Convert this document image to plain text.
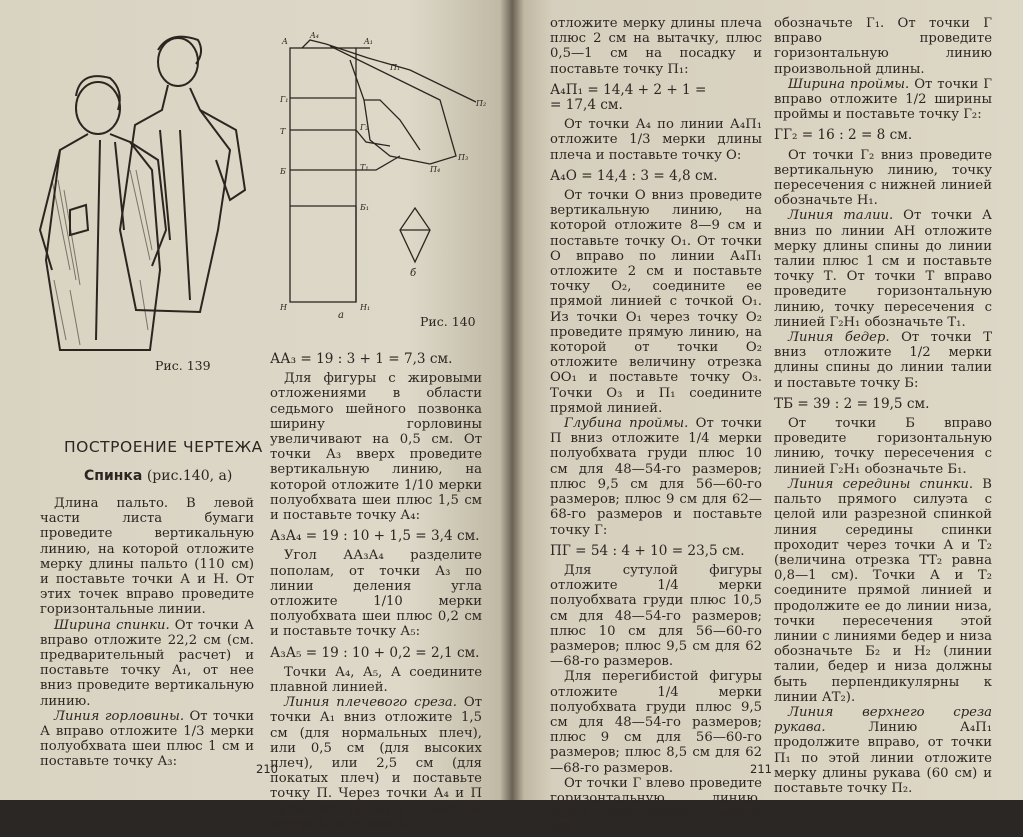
Рис. 139
A
A₄
A₁
Г₁
T
Б
Н
Г₂
Т₁
Б₁
Н₁
П₂
П₃
П₄
П₁
а
б
Рис. 140
ПОСТРОЕНИЕ ЧЕРТЕЖА
Спинка (рис.140, а)

Длина пальто. В левой части листа бумаги проведите вертикальную линию, на которой отложите мерку длины пальто (110 см) и поставьте точки А и Н. От этих точек вправо проведите горизонтальные линии.

Ширина спинки. От точки А вправо отложите 22,2 см (см. предварительный расчет) и поставьте точку А₁, от нее вниз проведите вертикальную линию.

Линия горловины. От точки А вправо отложите 1/3 мерки полуобхвата шеи плюс 1 см и поставьте точку А₃:

АА₃ = 19 : 3 + 1 = 7,3 см.

Для фигуры с жировыми отложениями в области седьмого шейного позвонка ширину горловины увеличивают на 0,5 см. От точки А₃ вверх проведите вертикальную линию, на которой отложите 1/10 мерки полуобхвата шеи плюс 1,5 см и поставьте точку А₄:

А₃А₄ = 19 : 10 + 1,5 = 3,4 см.

Угол АА₃А₄ разделите пополам, от точки А₃ по линии деления угла отложите 1/10 мерки полуобхвата шеи плюс 0,2 см и поставьте точку А₅:

А₃А₅ = 19 : 10 + 0,2 = 2,1 см.

Точки А₄, А₅, А соедините плавной линией.

Линия плечевого среза. От точки А₁ вниз отложите 1,5 см (для нормальных плеч), или 0,5 см (для высоких плеч), или 2,5 см (для покатых плеч) и поставьте точку П. Через точки А₄ и П проведите прямую линию, на которой от точки А₄

210

отложите мерку длины плеча плюс 2 см на вытачку, плюс 0,5—1 см на посадку и поставьте точку П₁:

А₄П₁ = 14,4 + 2 + 1 =

= 17,4 см.

От точки А₄ по линии А₄П₁ отложите 1/3 мерки длины плеча и поставьте точку О:

А₄О = 14,4 : 3 = 4,8 см.

От точки О вниз проведите вертикальную линию, на которой отложите 8—9 см и поставьте точку О₁. От точки О вправо по линии А₄П₁ отложите 2 см и поставьте точку О₂, соедините ее прямой линией с точкой О₁. Из точки О₁ через точку О₂ проведите прямую линию, на которой от точки О₂ отложите величину отрезка ОО₁ и поставьте точку О₃. Точки О₃ и П₁ соедините прямой линией.

Глубина проймы. От точки П вниз отложите 1/4 мерки полуобхвата груди плюс 10 см для 48—54-го размеров; плюс 9,5 см для 56—60-го размеров; плюс 9 см для 62—68-го размеров и поставьте точку Г:

ПГ = 54 : 4 + 10 = 23,5 см.

Для сутулой фигуры отложите 1/4 мерки полуобхвата груди плюс 10,5 см для 48—54-го размеров; плюс 10 см для 56—60-го размеров; плюс 9,5 см для 62—68-го размеров.

Для перегибистой фигуры отложите 1/4 мерки полуобхвата груди плюс 9,5 см для 48—54-го размеров; плюс 9 см для 56—60-го размеров; плюс 8,5 см для 62—68-го размеров.

От точки Г влево проведите горизонтальную линию, точку пересечения с линией АН

обозначьте Г₁. От точки Г вправо проведите горизонтальную линию произвольной длины.

Ширина проймы. От точки Г вправо отложите 1/2 ширины проймы и поставьте точку Г₂:

ГГ₂ = 16 : 2 = 8 см.

От точки Г₂ вниз проведите вертикальную линию, точку пересечения с нижней линией обозначьте Н₁.

Линия талии. От точки А вниз по линии АН отложите мерку длины спины до линии талии плюс 1 см и поставьте точку Т. От точки Т вправо проведите горизонтальную линию, точку пересечения с линией Г₂Н₁ обозначьте Т₁.

Линия бедер. От точки Т вниз отложите 1/2 мерки длины спины до линии талии и поставьте точку Б:

ТБ = 39 : 2 = 19,5 см.

От точки Б вправо проведите горизонтальную линию, точку пересечения с линией Г₂Н₁ обозначьте Б₁.

Линия середины спинки. В пальто прямого силуэта с целой или разрезной спинкой линия середины спинки проходит через точки А и Т₂ (величина отрезка ТТ₂ равна 0,8—1 см). Точки А и Т₂ соедините прямой линией и продолжите ее до линии низа, точки пересечения этой линии с линиями бедер и низа обозначьте Б₂ и Н₂ (линии талии, бедер и низа должны быть перпендикулярны к линии АТ₂).

Линия верхнего среза рукава. Линию А₄П₁ продолжите вправо, от точки П₁ по этой линии отложите мерку длины рукава (60 см) и поставьте точку П₂.

211
